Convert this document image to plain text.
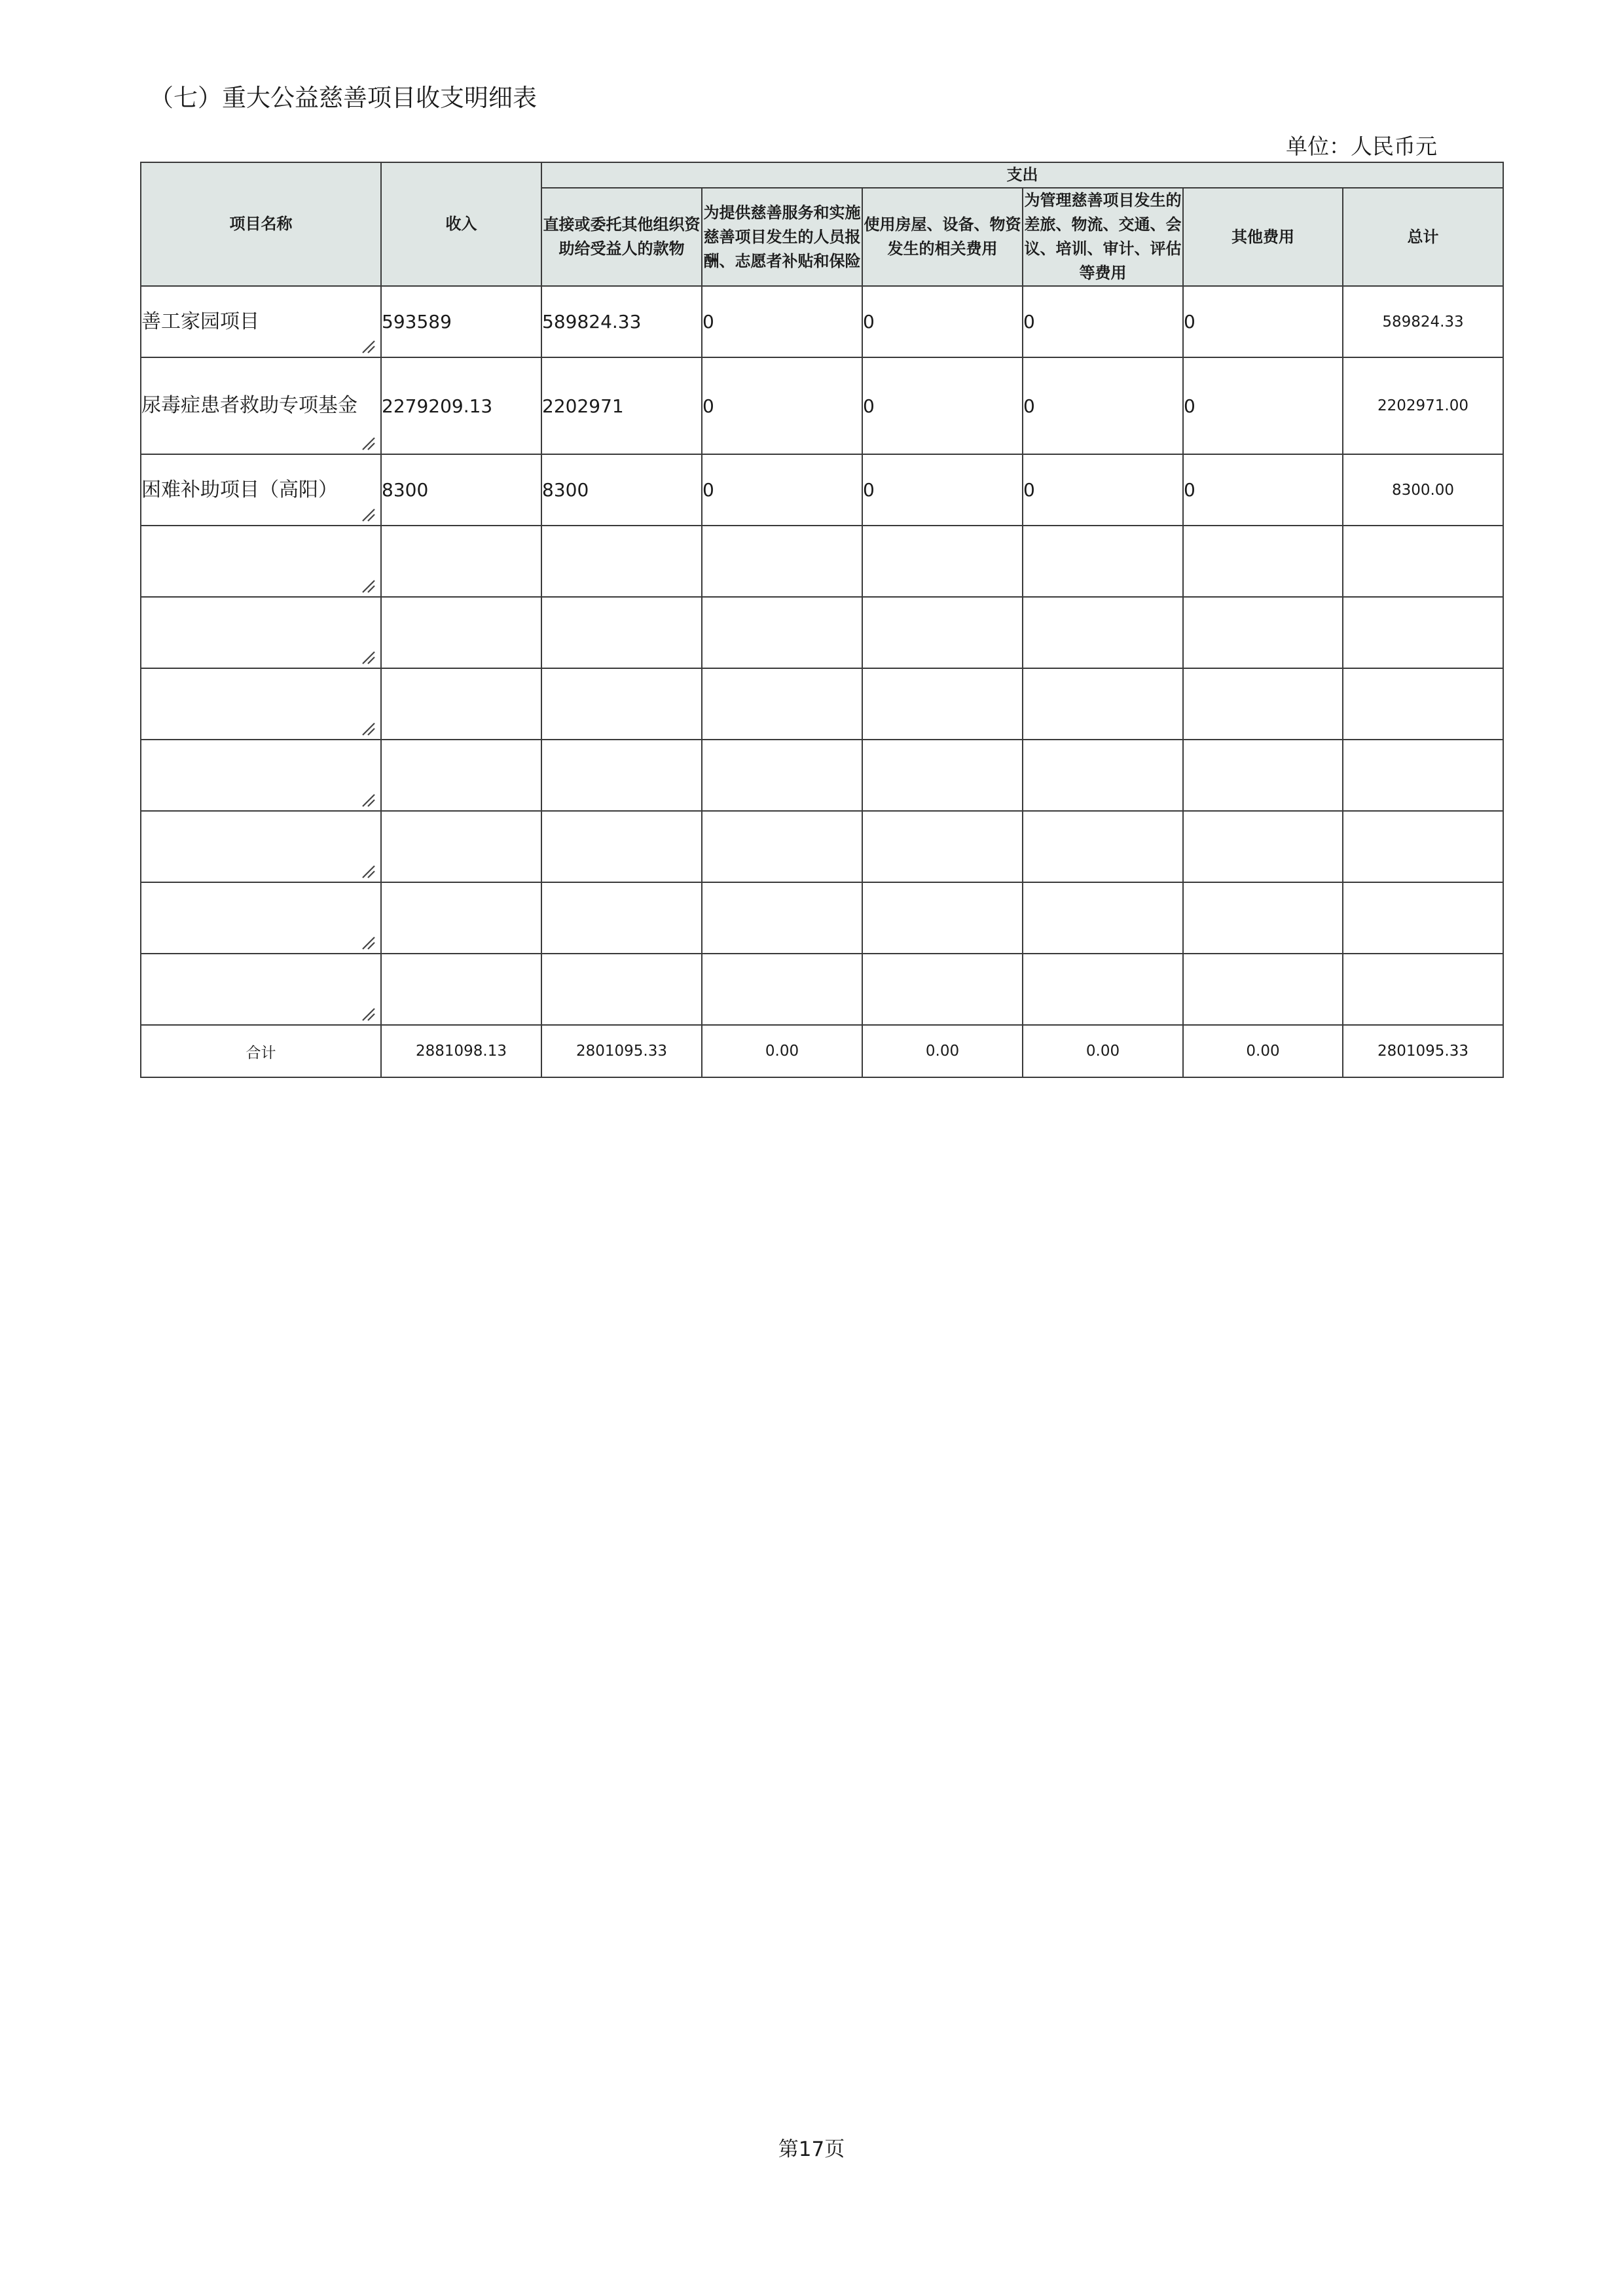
（七）重大公益慈善项目收支明细表
单位：人民币元
项目名称	收入	支出					
		直接或委托其他组织资助给受益人的款物	为提供慈善服务和实施慈善项目发生的人员报酬、志愿者补贴和保险	使用房屋、设备、物资发生的相关费用	为管理慈善项目发生的差旅、物流、交通、会议、培训、审计、评估等费用	其他费用	总计
善工家园项目	593589	589824.33	0	0	0	0	589824.33
尿毒症患者救助专项基金	2279209.13	2202971	0	0	0	0	2202971.00
困难补助项目（高阳）	8300	8300	0	0	0	0	8300.00

合计	2881098.13	2801095.33	0.00	0.00	0.00	0.00	2801095.33
第17页
